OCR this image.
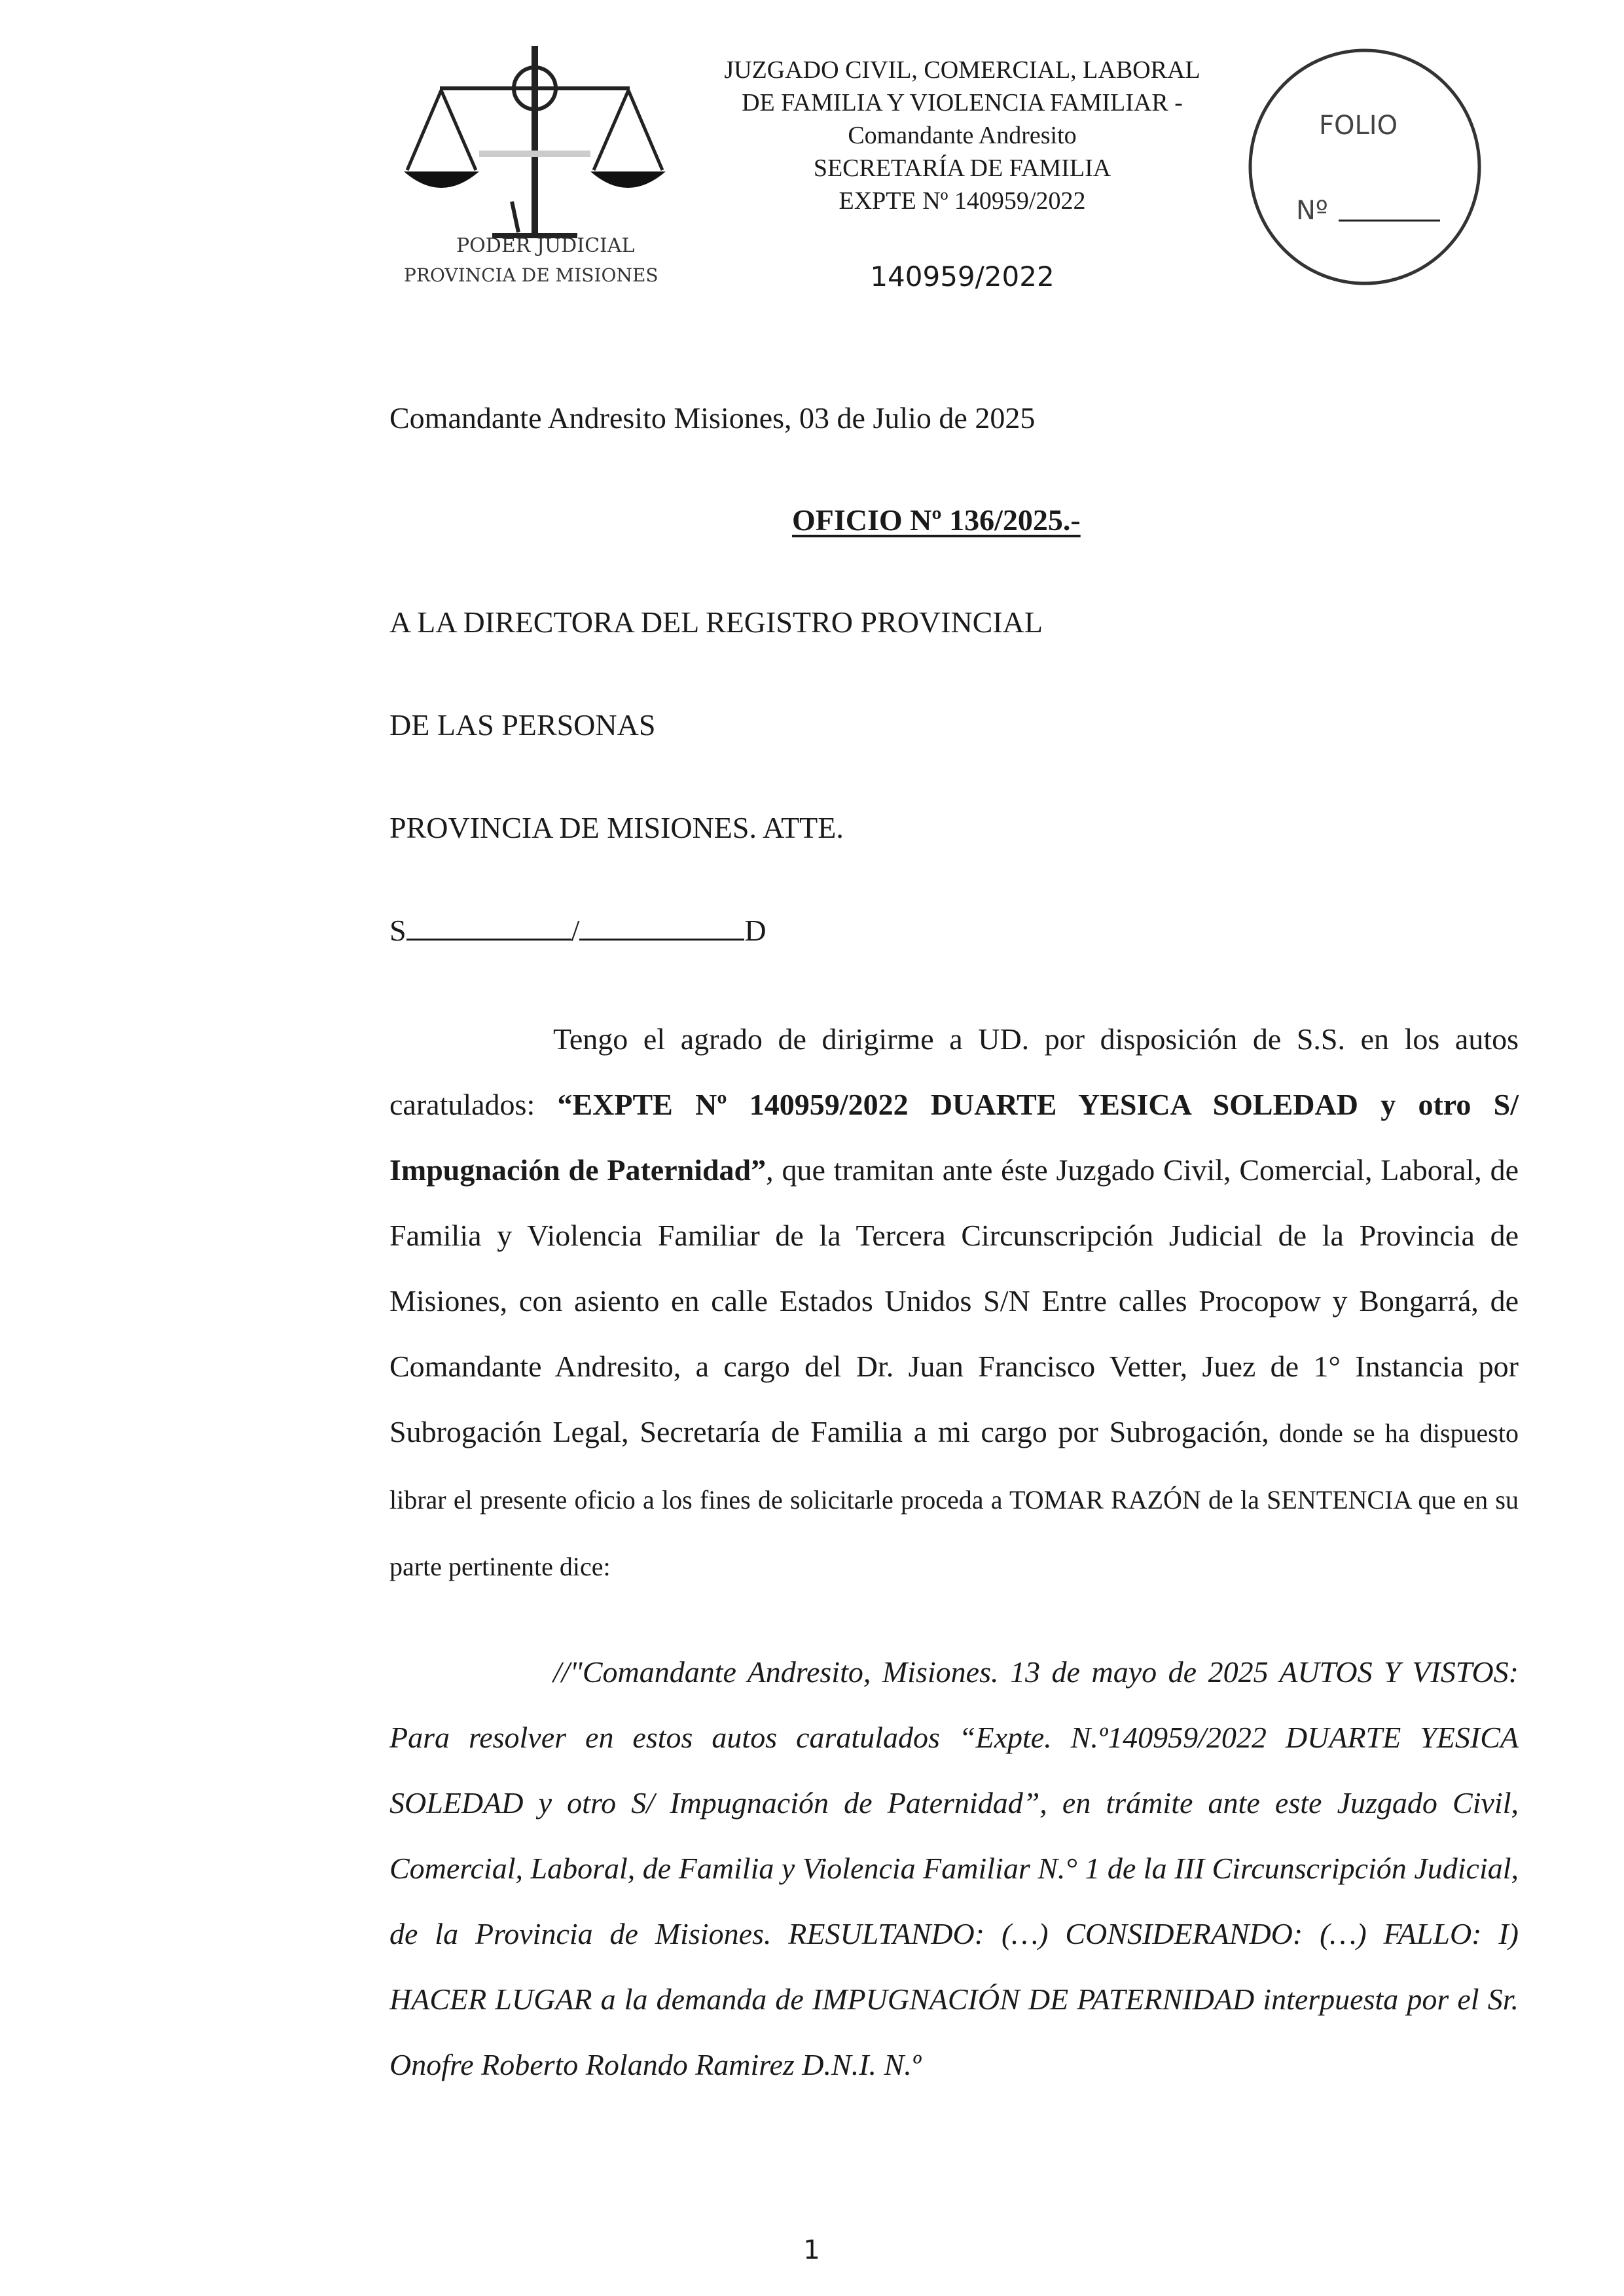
PODER JUDICIAL
PROVINCIA DE MISIONES
JUZGADO CIVIL, COMERCIAL, LABORAL
DE FAMILIA Y VIOLENCIA FAMILIAR -
Comandante Andresito
SECRETARÍA DE FAMILIA
EXPTE Nº 140959/2022
140959/2022
FOLIO
Nº
Comandante Andresito Misiones, 03 de Julio de 2025
OFICIO Nº 136/2025.-
A LA DIRECTORA DEL REGISTRO PROVINCIAL
DE LAS PERSONAS
PROVINCIA DE MISIONES. ATTE.
S	/	D
Tengo el agrado de dirigirme a UD. por disposición de S.S. en los autos caratulados: “EXPTE Nº 140959/2022 DUARTE YESICA SOLEDAD y otro S/ Impugnación de Paternidad”, que tramitan ante éste Juzgado Civil, Comercial, Laboral, de Familia y Violencia Familiar de la Tercera Circunscripción Judicial de la Provincia de Misiones, con asiento en calle Estados Unidos S/N Entre calles Procopow y Bongarrá, de Comandante Andresito, a cargo del Dr. Juan Francisco Vetter, Juez de 1° Instancia por Subrogación Legal, Secretaría de Familia a mi cargo por Subrogación, donde se ha dispuesto librar el presente oficio a los fines de solicitarle proceda a TOMAR RAZÓN de la SENTENCIA que en su parte pertinente dice:
//"Comandante Andresito, Misiones. 13 de mayo de 2025 AUTOS Y VISTOS: Para resolver en estos autos caratulados “Expte. N.º140959/2022 DUARTE YESICA SOLEDAD y otro S/ Impugnación de Paternidad”, en trámite ante este Juzgado Civil, Comercial, Laboral, de Familia y Violencia Familiar N.° 1 de la III Circunscripción Judicial, de la Provincia de Misiones. RESULTANDO: (…) CONSIDERANDO: (…) FALLO: I) HACER LUGAR a la demanda de IMPUGNACIÓN DE PATERNIDAD interpuesta por el Sr. Onofre Roberto Rolando Ramirez D.N.I. N.º
1
